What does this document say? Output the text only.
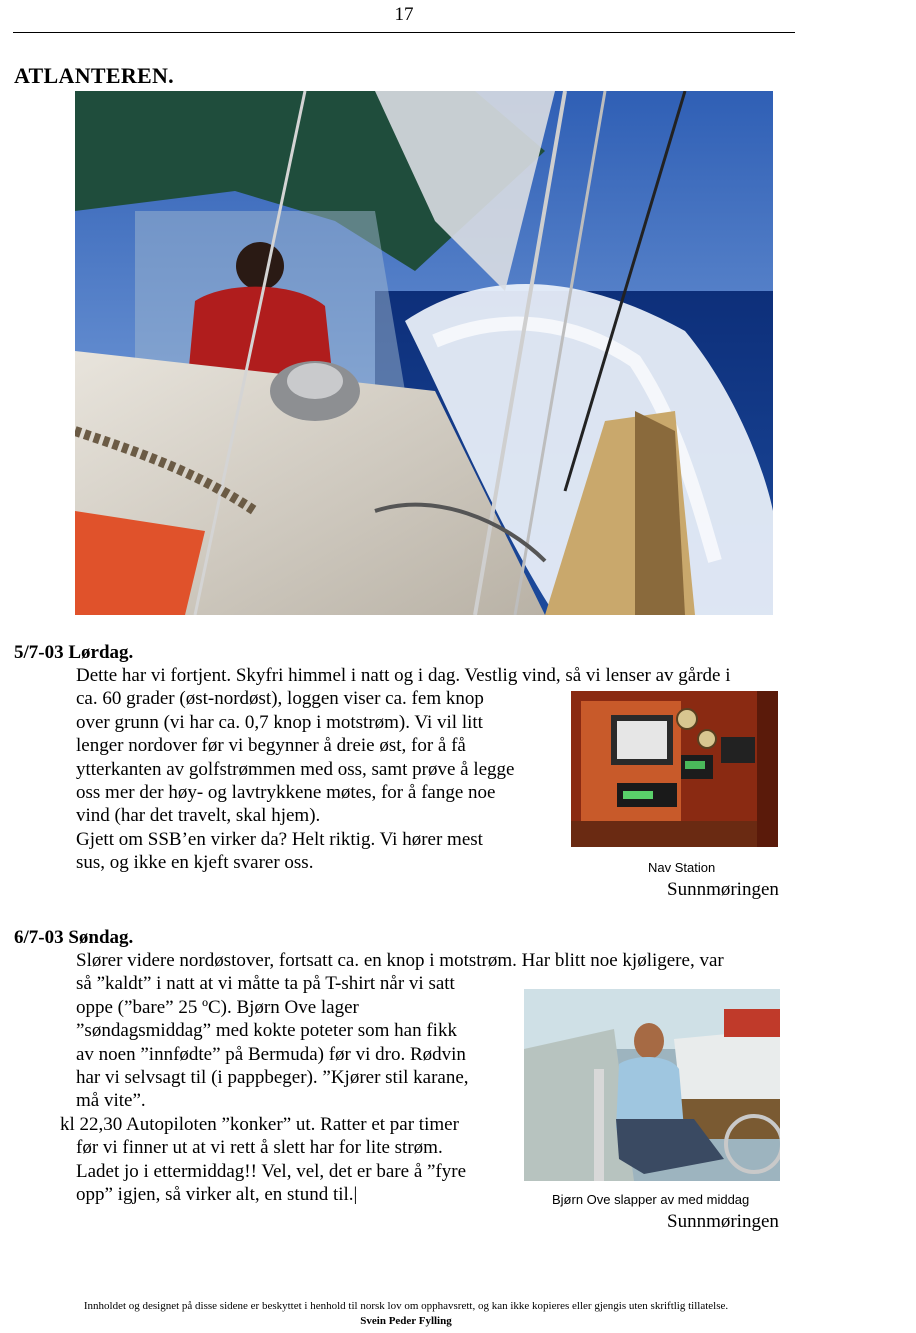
17
ATLANTEREN.
5/7-03 Lørdag.
Dette har vi fortjent. Skyfri himmel i natt og i dag. Vestlig vind, så vi lenser av gårde i
ca. 60 grader (øst-nordøst), loggen viser ca. fem knop
over grunn (vi har ca. 0,7 knop i motstrøm). Vi vil litt
lenger nordover før vi begynner å dreie øst, for å få
ytterkanten av golfstrømmen med oss, samt prøve å legge
oss mer der høy- og lavtrykkene møtes, for å fange noe
vind (har det travelt, skal hjem).
Gjett om SSB’en virker da? Helt riktig. Vi hører mest
sus, og ikke en kjeft svarer oss.	Nav Station
Sunnmøringen
6/7-03 Søndag.
Slører videre nordøstover, fortsatt ca. en knop i motstrøm. Har blitt noe kjøligere, var
så ”kaldt” i natt at vi måtte ta på T-shirt når vi satt
oppe (”bare” 25 ºC). Bjørn Ove lager
”søndagsmiddag” med kokte poteter som han fikk
av noen ”innfødte” på Bermuda) før vi dro. Rødvin
har vi selvsagt til (i pappbeger). ”Kjører stil karane,
må vite”.
kl 22,30 Autopiloten ”konker” ut. Ratter et par timer
før vi finner ut at vi rett å slett har for lite strøm.
Ladet jo i ettermiddag!! Vel, vel, det er bare å ”fyre
opp” igjen, så virker alt, en stund til.|	Bjørn Ove slapper av med middag
Sunnmøringen
Innholdet og designet på disse sidene er beskyttet i henhold til norsk lov om opphavsrett, og kan ikke kopieres eller gjengis uten skriftlig tillatelse.
Svein Peder Fylling
